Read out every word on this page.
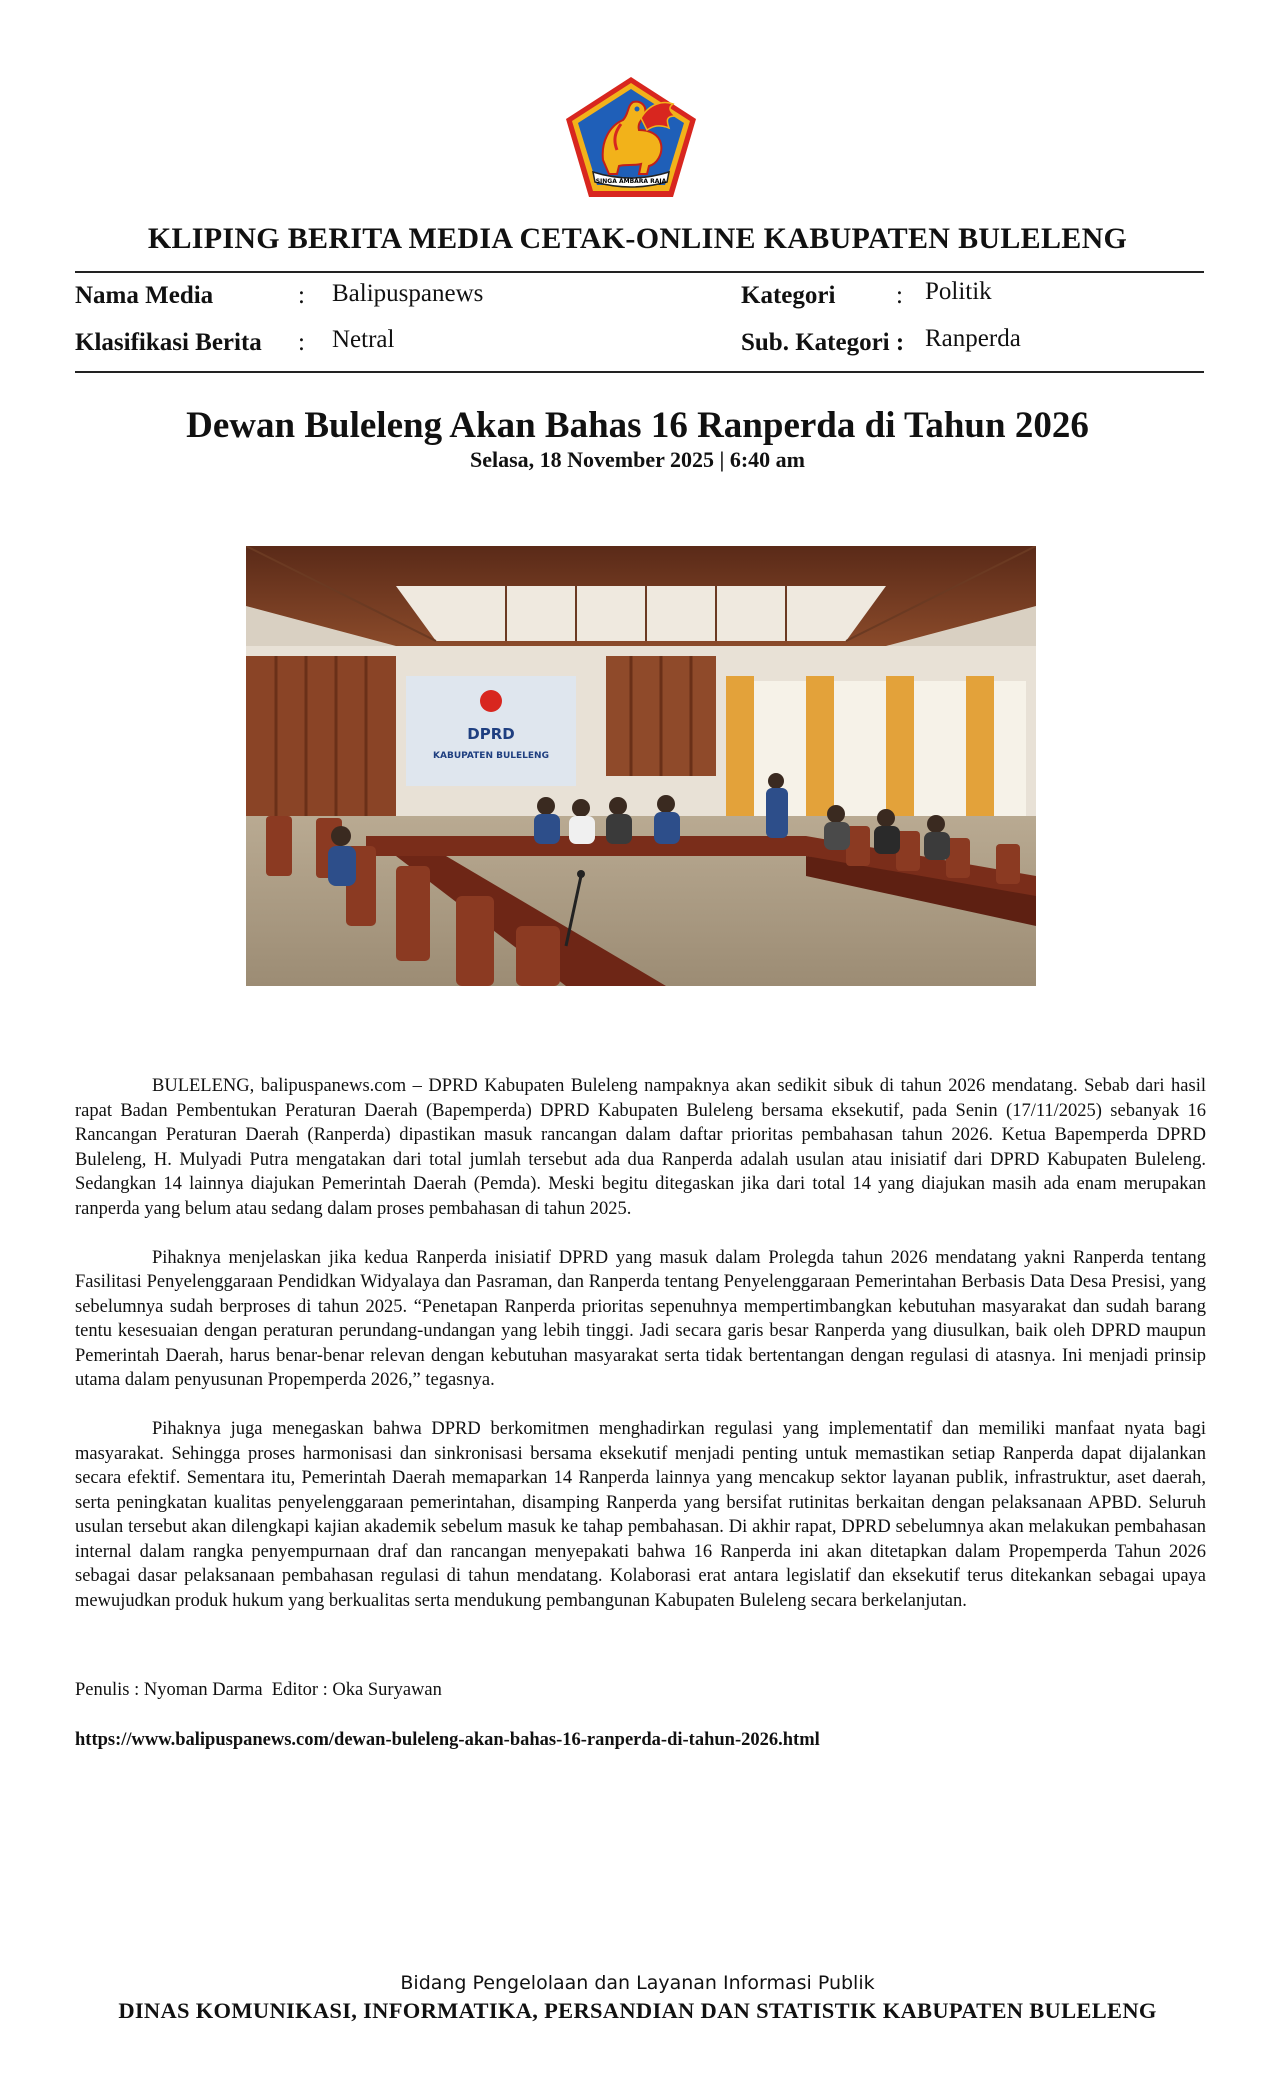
SINGA AMBARA RAJA
KLIPING BERITA MEDIA CETAK-ONLINE KABUPATEN BULELENG
Nama Media	: Balipuspanews	Kategori : Politik
Klasifikasi Berita : Netral	Sub. Kategori : Ranperda
Dewan Buleleng Akan Bahas 16 Ranperda di Tahun 2026
Selasa, 18 November 2025 | 6:40 am
DPRD
KABUPATEN BULELENG

BULELENG, balipuspanews.com – DPRD Kabupaten Buleleng nampaknya akan sedikit sibuk di tahun 2026 mendatang. Sebab dari hasil rapat Badan Pembentukan Peraturan Daerah (Bapemperda) DPRD Kabupaten Buleleng bersama eksekutif, pada Senin (17/11/2025) sebanyak 16 Rancangan Peraturan Daerah (Ranperda) dipastikan masuk rancangan dalam daftar prioritas pembahasan tahun 2026. Ketua Bapemperda DPRD Buleleng, H. Mulyadi Putra mengatakan dari total jumlah tersebut ada dua Ranperda adalah usulan atau inisiatif dari DPRD Kabupaten Buleleng. Sedangkan 14 lainnya diajukan Pemerintah Daerah (Pemda). Meski begitu ditegaskan jika dari total 14 yang diajukan masih ada enam merupakan ranperda yang belum atau sedang dalam proses pembahasan di tahun 2025.

Pihaknya menjelaskan jika kedua Ranperda inisiatif DPRD yang masuk dalam Prolegda tahun 2026 mendatang yakni Ranperda tentang Fasilitasi Penyelenggaraan Pendidkan Widyalaya dan Pasraman, dan Ranperda tentang Penyelenggaraan Pemerintahan Berbasis Data Desa Presisi, yang sebelumnya sudah berproses di tahun 2025. “Penetapan Ranperda prioritas sepenuhnya mempertimbangkan kebutuhan masyarakat dan sudah barang tentu kesesuaian dengan peraturan perundang-undangan yang lebih tinggi. Jadi secara garis besar Ranperda yang diusulkan, baik oleh DPRD maupun Pemerintah Daerah, harus benar-benar relevan dengan kebutuhan masyarakat serta tidak bertentangan dengan regulasi di atasnya. Ini menjadi prinsip utama dalam penyusunan Propemperda 2026,” tegasnya.

Pihaknya juga menegaskan bahwa DPRD berkomitmen menghadirkan regulasi yang implementatif dan memiliki manfaat nyata bagi masyarakat. Sehingga proses harmonisasi dan sinkronisasi bersama eksekutif menjadi penting untuk memastikan setiap Ranperda dapat dijalankan secara efektif. Sementara itu, Pemerintah Daerah memaparkan 14 Ranperda lainnya yang mencakup sektor layanan publik, infrastruktur, aset daerah, serta peningkatan kualitas penyelenggaraan pemerintahan, disamping Ranperda yang bersifat rutinitas berkaitan dengan pelaksanaan APBD. Seluruh usulan tersebut akan dilengkapi kajian akademik sebelum masuk ke tahap pembahasan. Di akhir rapat, DPRD sebelumnya akan melakukan pembahasan internal dalam rangka penyempurnaan draf dan rancangan menyepakati bahwa 16 Ranperda ini akan ditetapkan dalam Propemperda Tahun 2026 sebagai dasar pelaksanaan pembahasan regulasi di tahun mendatang. Kolaborasi erat antara legislatif dan eksekutif terus ditekankan sebagai upaya mewujudkan produk hukum yang berkualitas serta mendukung pembangunan Kabupaten Buleleng secara berkelanjutan.

Penulis : Nyoman Darma  Editor : Oka Suryawan
https://www.balipuspanews.com/dewan-buleleng-akan-bahas-16-ranperda-di-tahun-2026.html
Bidang Pengelolaan dan Layanan Informasi Publik
DINAS KOMUNIKASI, INFORMATIKA, PERSANDIAN DAN STATISTIK KABUPATEN BULELENG
